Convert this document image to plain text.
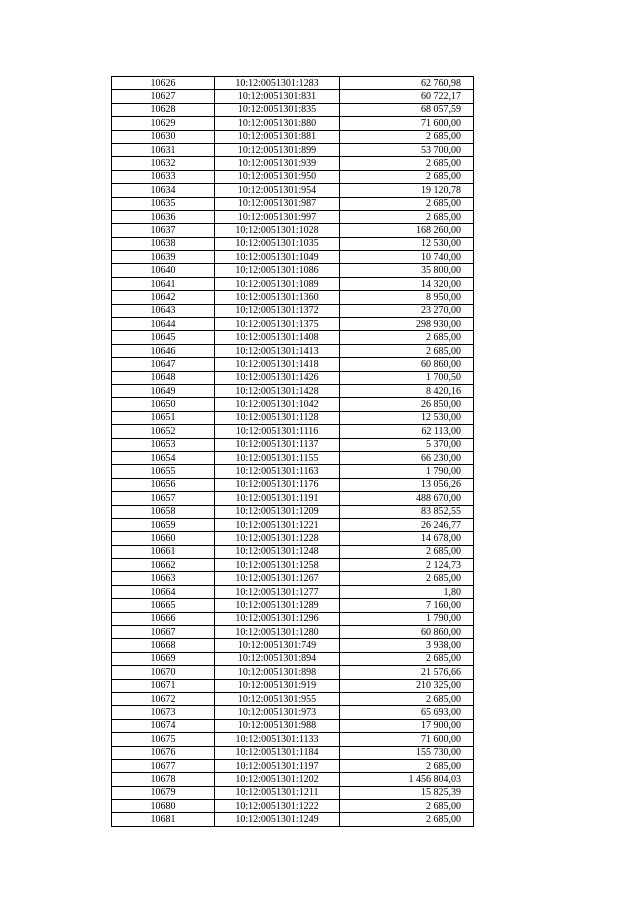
10626	10:12:0051301:1283	62 760,98
10627	10:12:0051301:831	60 722,17
10628	10:12:0051301:835	68 057,59
10629	10:12:0051301:880	71 600,00
10630	10:12:0051301:881	2 685,00
10631	10:12:0051301:899	53 700,00
10632	10:12:0051301:939	2 685,00
10633	10:12:0051301:950	2 685,00
10634	10:12:0051301:954	19 120,78
10635	10:12:0051301:987	2 685,00
10636	10:12:0051301:997	2 685,00
10637	10:12:0051301:1028	168 260,00
10638	10:12:0051301:1035	12 530,00
10639	10:12:0051301:1049	10 740,00
10640	10:12:0051301:1086	35 800,00
10641	10:12:0051301:1089	14 320,00
10642	10:12:0051301:1360	8 950,00
10643	10:12:0051301:1372	23 270,00
10644	10:12:0051301:1375	298 930,00
10645	10:12:0051301:1408	2 685,00
10646	10:12:0051301:1413	2 685,00
10647	10:12:0051301:1418	60 860,00
10648	10:12:0051301:1426	1 700,50
10649	10:12:0051301:1428	8 420,16
10650	10:12:0051301:1042	26 850,00
10651	10:12:0051301:1128	12 530,00
10652	10:12:0051301:1116	62 113,00
10653	10:12:0051301:1137	5 370,00
10654	10:12:0051301:1155	66 230,00
10655	10:12:0051301:1163	1 790,00
10656	10:12:0051301:1176	13 056,26
10657	10:12:0051301:1191	488 670,00
10658	10:12:0051301:1209	83 852,55
10659	10:12:0051301:1221	26 246,77
10660	10:12:0051301:1228	14 678,00
10661	10:12:0051301:1248	2 685,00
10662	10:12:0051301:1258	2 124,73
10663	10:12:0051301:1267	2 685,00
10664	10:12:0051301:1277	1,80
10665	10:12:0051301:1289	7 160,00
10666	10:12:0051301:1296	1 790,00
10667	10:12:0051301:1280	60 860,00
10668	10:12:0051301:749	3 938,00
10669	10:12:0051301:894	2 685,00
10670	10:12:0051301:898	21 576,66
10671	10:12:0051301:919	210 325,00
10672	10:12:0051301:955	2 685,00
10673	10:12:0051301:973	65 693,00
10674	10:12:0051301:988	17 900,00
10675	10:12:0051301:1133	71 600,00
10676	10:12:0051301:1184	155 730,00
10677	10:12:0051301:1197	2 685,00
10678	10:12:0051301:1202	1 456 804,03
10679	10:12:0051301:1211	15 825,39
10680	10:12:0051301:1222	2 685,00
10681	10:12:0051301:1249	2 685,00
